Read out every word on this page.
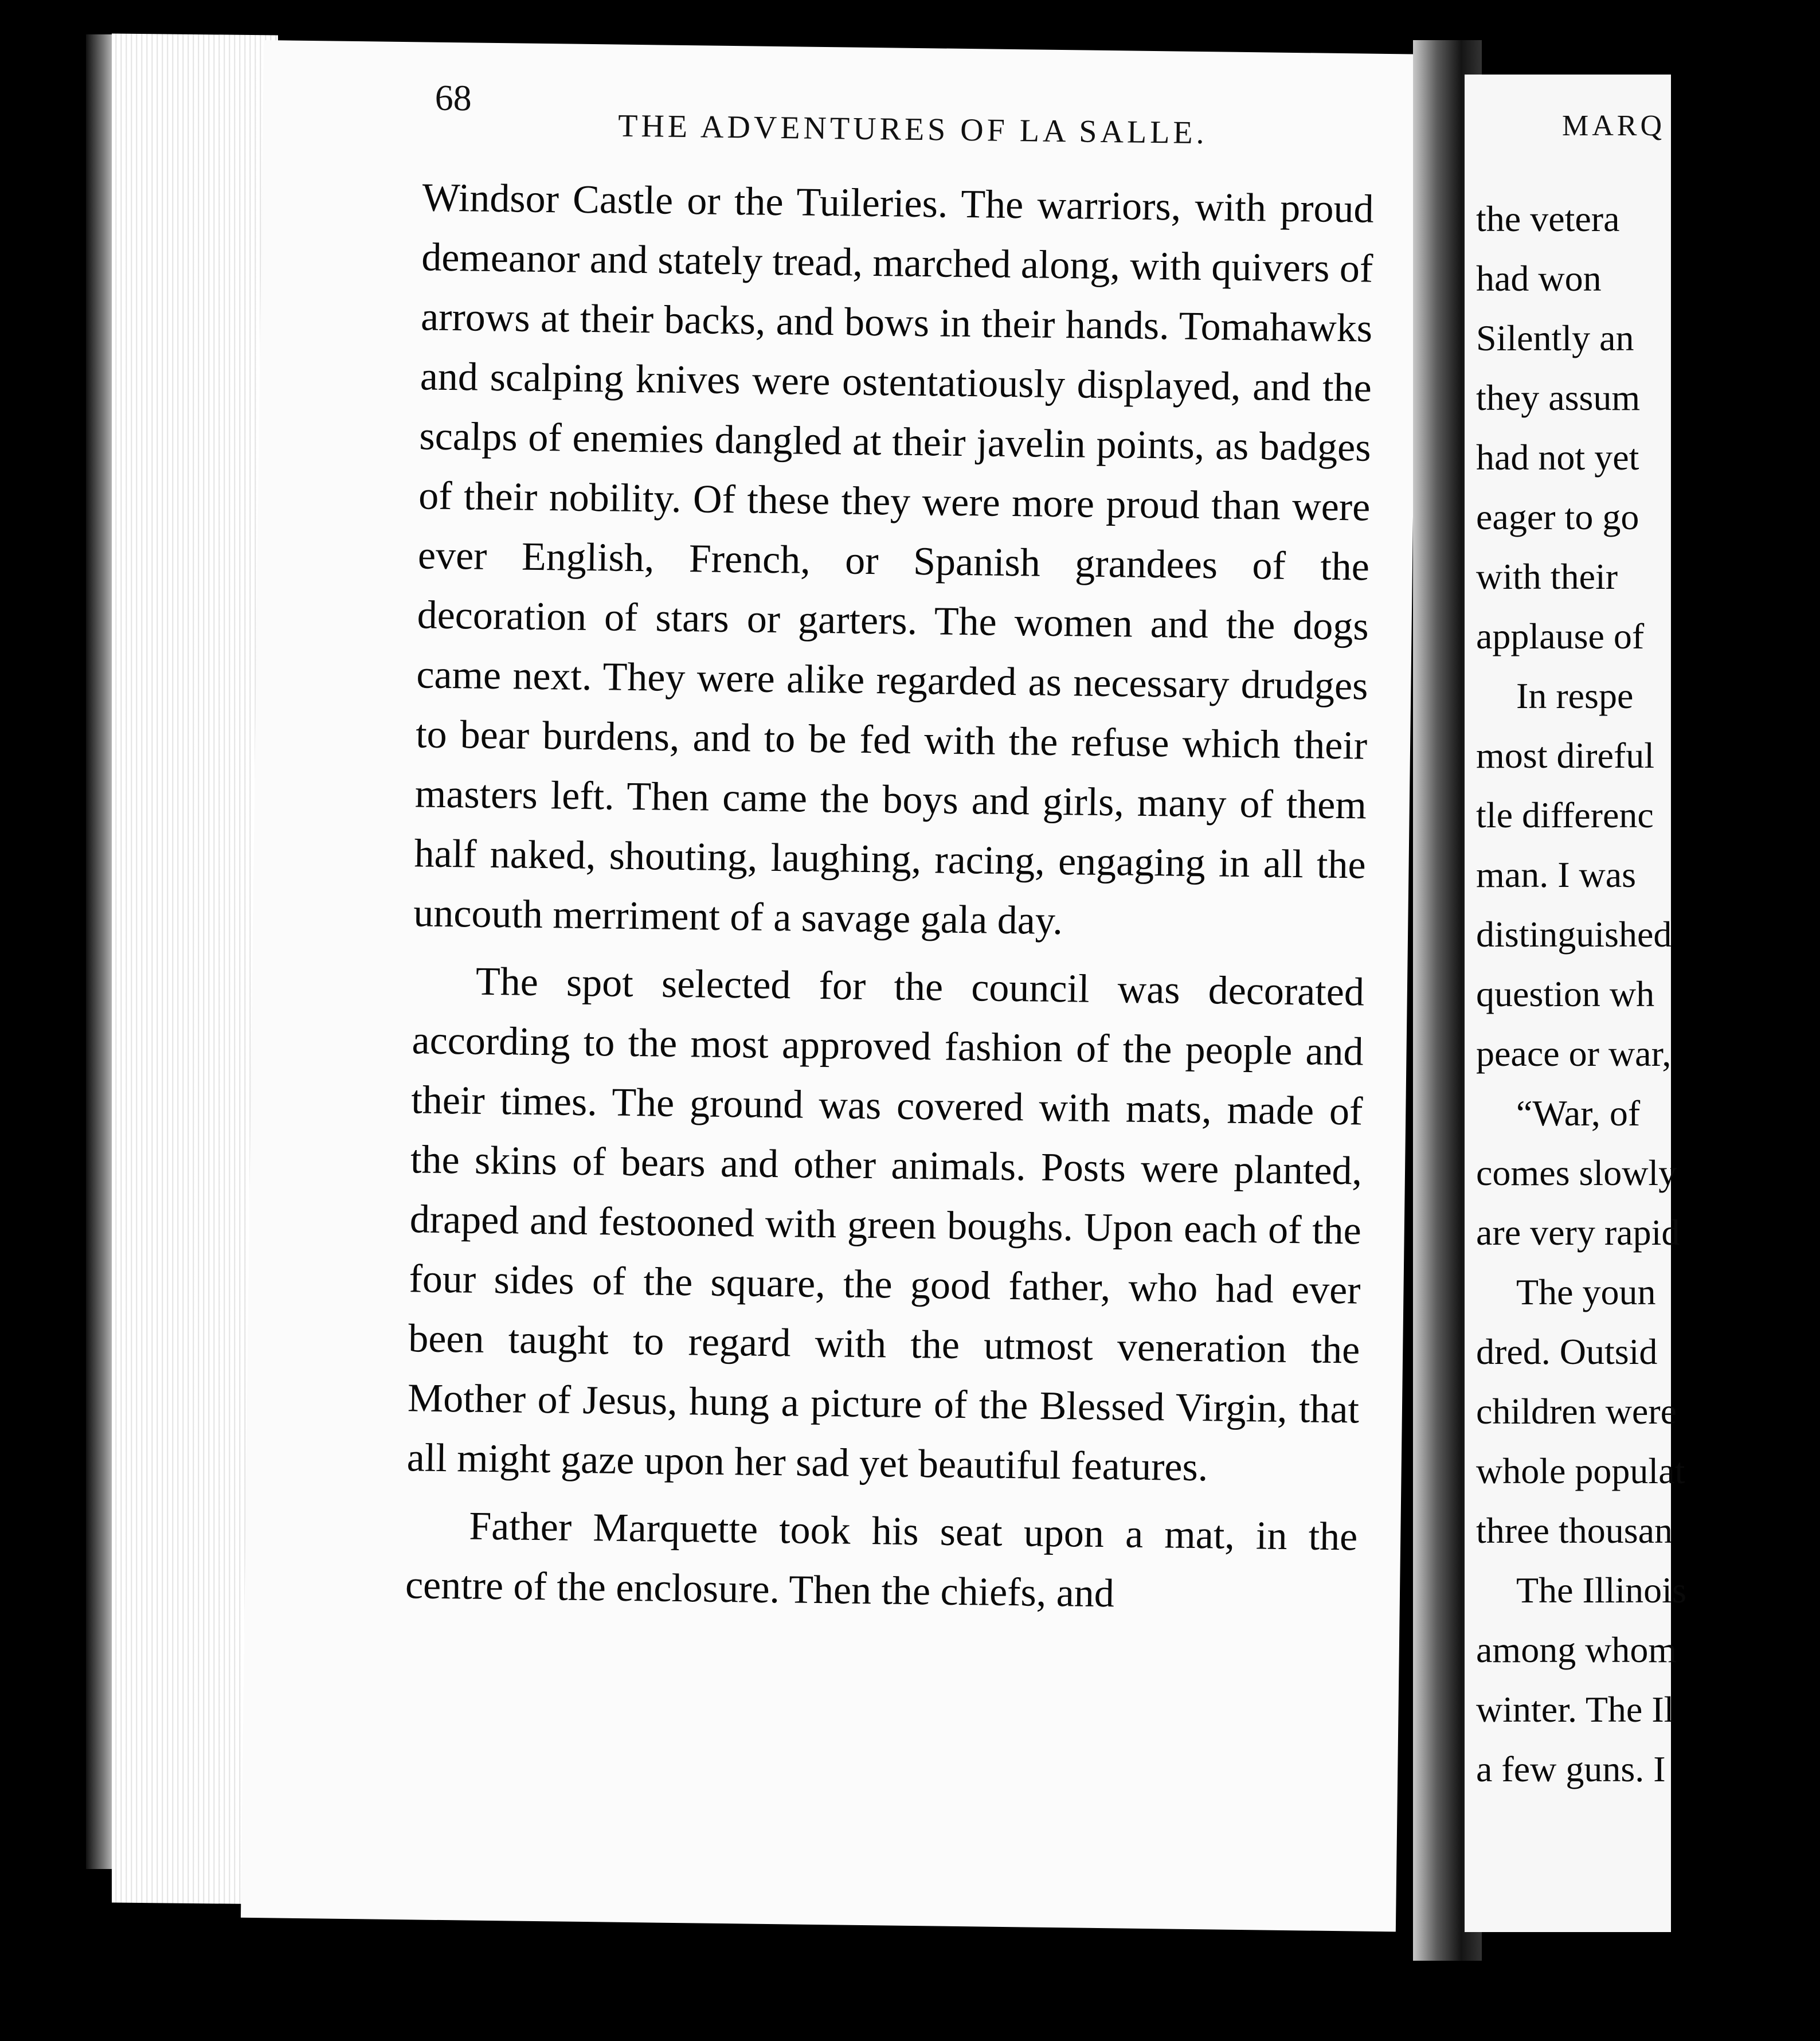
68
THE ADVENTURES OF LA SALLE.

Windsor Castle or the Tuileries. The warriors, with proud demeanor and stately tread, marched along, with quivers of arrows at their backs, and bows in their hands. Tomahawks and scalping knives were ostentatiously displayed, and the scalps of enemies dangled at their javelin points, as badges of their nobility. Of these they were more proud than were ever English, French, or Spanish grandees of the decoration of stars or garters. The women and the dogs came next. They were alike regarded as necessary drudges to bear burdens, and to be fed with the refuse which their masters left. Then came the boys and girls, many of them half naked, shouting, laughing, racing, engaging in all the uncouth merriment of a savage gala day.

The spot selected for the council was decorated according to the most approved fashion of the people and their times. The ground was covered with mats, made of the skins of bears and other animals. Posts were planted, draped and festooned with green boughs. Upon each of the four sides of the square, the good father, who had ever been taught to regard with the utmost veneration the Mother of Jesus, hung a picture of the Blessed Virgin, that all might gaze upon her sad yet beautiful features.

Father Marquette took his seat upon a mat, in the centre of the enclosure. Then the chiefs, and

MARQ
the vetera
had won
Silently an
they assum
had not yet
eager to go
with their
applause of
In respe
most direful
tle differenc
man. I was
distinguished
question wh
peace or war,
“War, of
comes slowly
are very rapid
The youn
dred. Outsid
children were
whole populat
three thousan
The Illinois
among whom
winter. The Il
a few guns. I
